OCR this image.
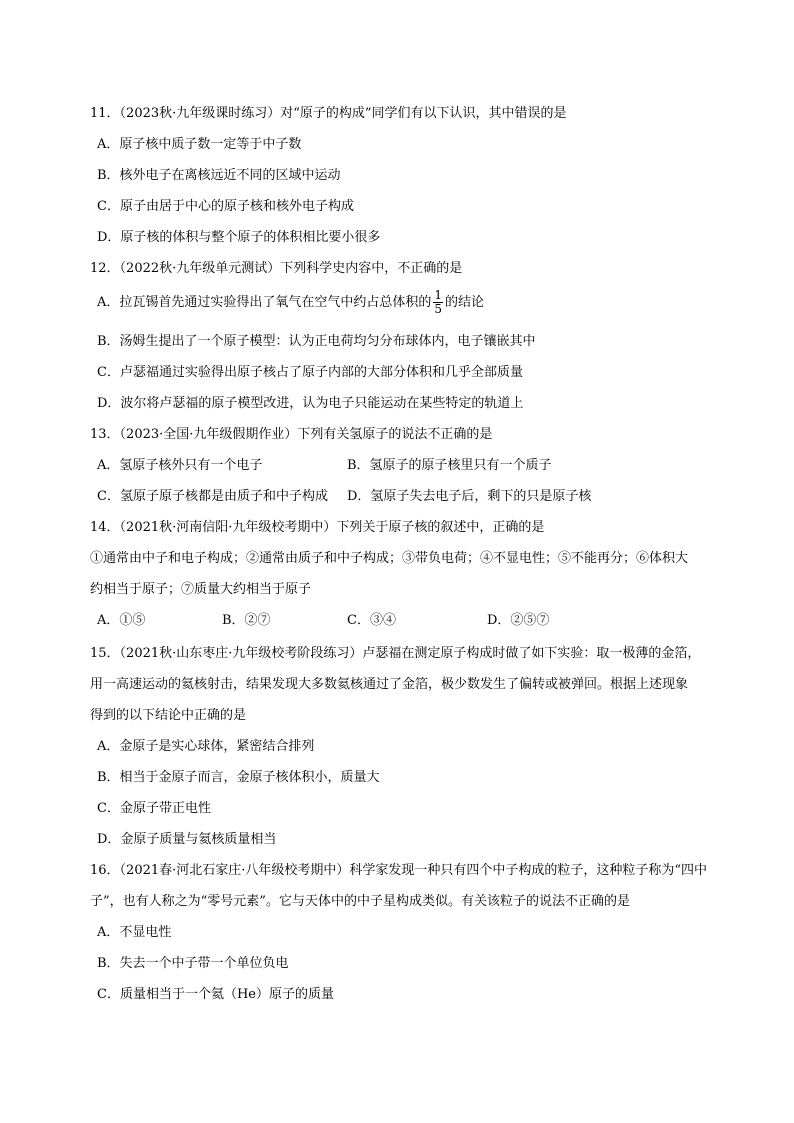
11．（2023秋·九年级课时练习）对“原子的构成”同学们有以下认识，其中错误的是
A．原子核中质子数一定等于中子数
B．核外电子在离核远近不同的区域中运动
C．原子由居于中心的原子核和核外电子构成
D．原子核的体积与整个原子的体积相比要小很多
12．（2022秋·九年级单元测试）下列科学史内容中，不正确的是
A．拉瓦锡首先通过实验得出了氧气在空气中约占总体积的 $\frac{1}{5}$ 的结论
B．汤姆生提出了一个原子模型：认为正电荷均匀分布球体内，电子镶嵌其中
C．卢瑟福通过实验得出原子核占了原子内部的大部分体积和几乎全部质量
D．波尔将卢瑟福的原子模型改进，认为电子只能运动在某些特定的轨道上
13．（2023·全国·九年级假期作业）下列有关氢原子的说法不正确的是
A．氢原子核外只有一个电子	B．氢原子的原子核里只有一个质子
C．氢原子原子核都是由质子和中子构成 D．氢原子失去电子后，剩下的只是原子核
14．（2021秋·河南信阳·九年级校考期中）下列关于原子核的叙述中，正确的是
①通常由中子和电子构成；②通常由质子和中子构成；③带负电荷；④不显电性；⑤不能再分；⑥体积大
约相当于原子；⑦质量大约相当于原子
A．①⑤	B．②⑦	C．③④	D．②⑤⑦
15．（2021秋·山东枣庄·九年级校考阶段练习）卢瑟福在测定原子构成时做了如下实验：取一极薄的金箔，
用一高速运动的氦核射击，结果发现大多数氦核通过了金箔，极少数发生了偏转或被弹回。根据上述现象
得到的以下结论中正确的是
A．金原子是实心球体，紧密结合排列
B．相当于金原子而言，金原子核体积小，质量大
C．金原子带正电性
D．金原子质量与氦核质量相当
16．（2021春·河北石家庄·八年级校考期中）科学家发现一种只有四个中子构成的粒子，这种粒子称为“四中
子”，也有人称之为“零号元素”。它与天体中的中子星构成类似。有关该粒子的说法不正确的是
A．不显电性
B．失去一个中子带一个单位负电
C．质量相当于一个氦（He）原子的质量
